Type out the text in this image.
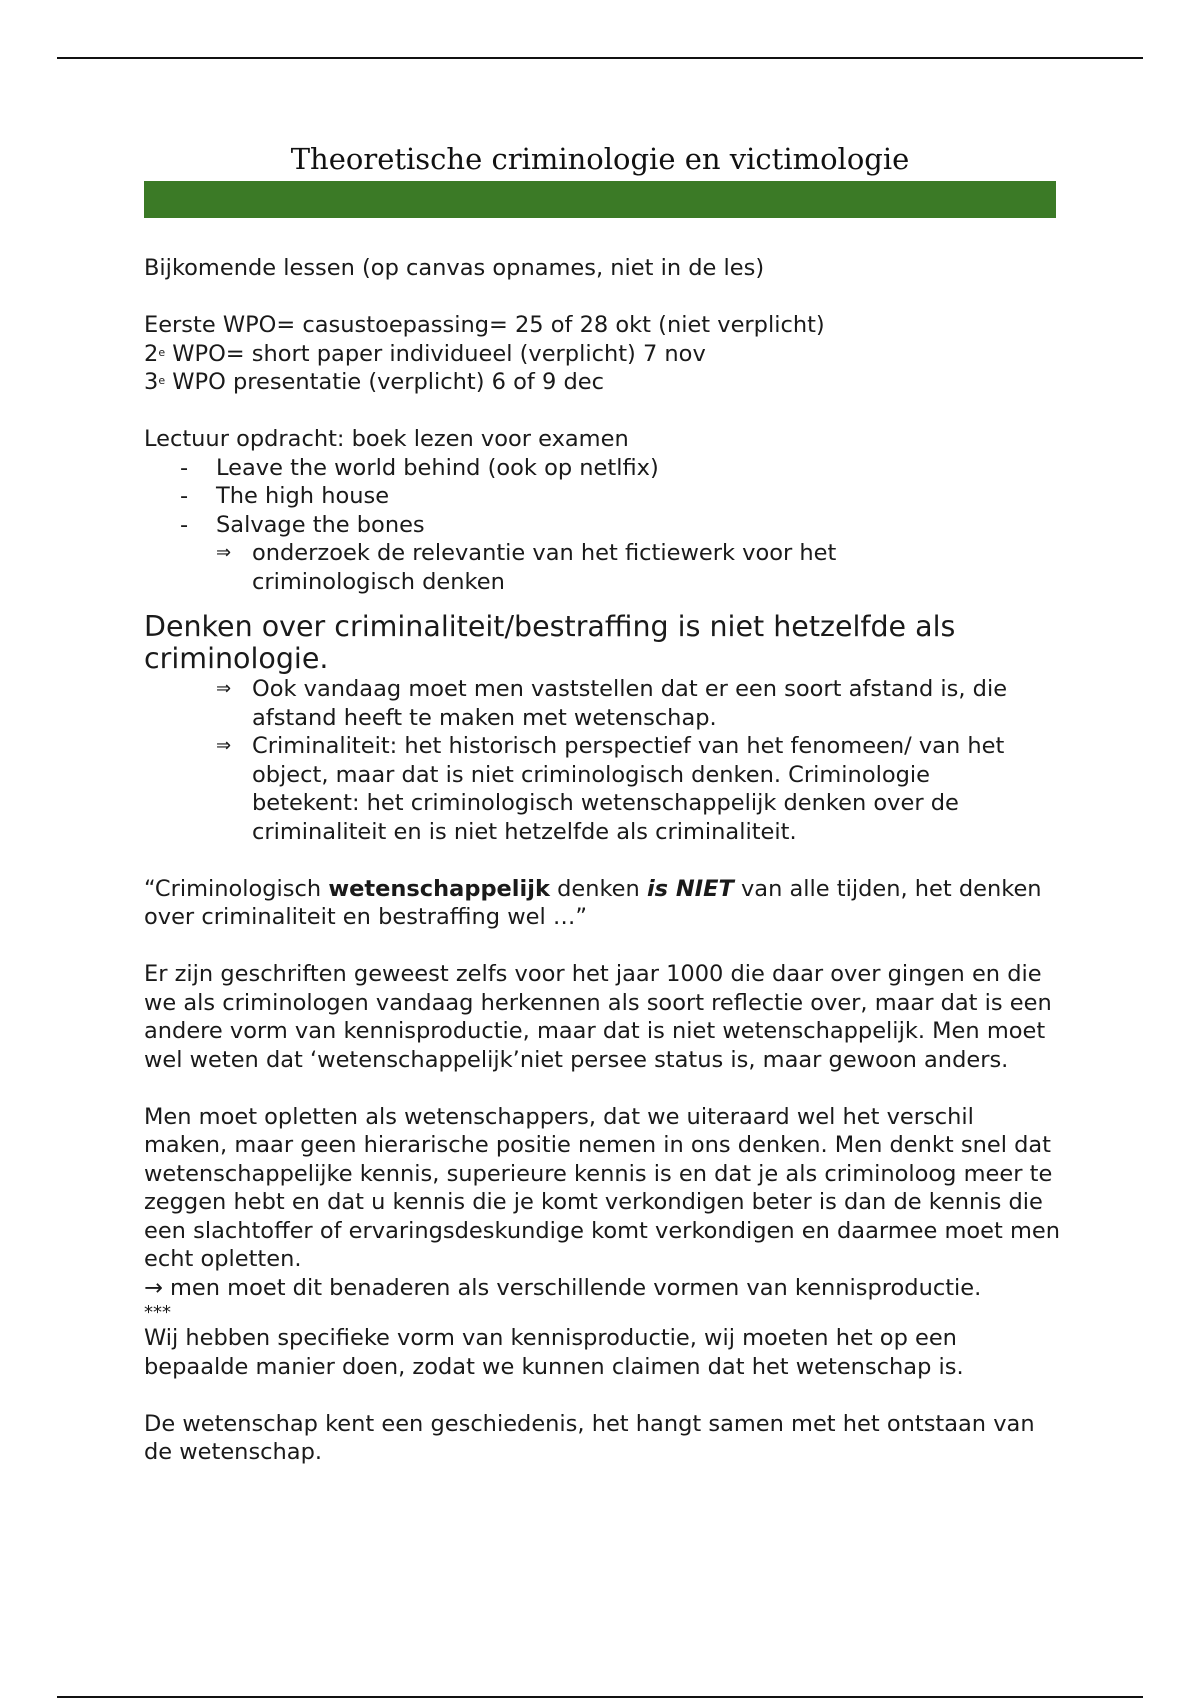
Theoretische criminologie en victimologie

Bijkomende lessen (op canvas opnames, niet in de les)

Eerste WPO= casustoepassing= 25 of 28 okt (niet verplicht)

2e WPO= short paper individueel (verplicht) 7 nov

3e WPO presentatie (verplicht) 6 of 9 dec

Lectuur opdracht: boek lezen voor examen

-	Leave the world behind (ook op netlfix)
-	The high house
-	Salvage the bones
⇒ onderzoek de relevantie van het fictiewerk voor het criminologisch denken

Denken over criminaliteit/bestraffing is niet hetzelfde als criminologie.

⇒ Ook vandaag moet men vaststellen dat er een soort afstand is, die afstand heeft te maken met wetenschap.
⇒ Criminaliteit: het historisch perspectief van het fenomeen/ van het object, maar dat is niet criminologisch denken. Criminologie betekent: het criminologisch wetenschappelijk denken over de criminaliteit en is niet hetzelfde als criminaliteit.

“Criminologisch wetenschappelijk denken is NIET van alle tijden, het denken over criminaliteit en bestraffing wel …”

Er zijn geschriften geweest zelfs voor het jaar 1000 die daar over gingen en die we als criminologen vandaag herkennen als soort reflectie over, maar dat is een andere vorm van kennisproductie, maar dat is niet wetenschappelijk. Men moet wel weten dat ‘wetenschappelijk’niet persee status is, maar gewoon anders.

Men moet opletten als wetenschappers, dat we uiteraard wel het verschil maken, maar geen hierarische positie nemen in ons denken. Men denkt snel dat wetenschappelijke kennis, superieure kennis is en dat je als criminoloog meer te zeggen hebt en dat u kennis die je komt verkondigen beter is dan de kennis die een slachtoffer of ervaringsdeskundige komt verkondigen en daarmee moet men echt opletten.

→ men moet dit benaderen als verschillende vormen van kennisproductie.

***

Wij hebben specifieke vorm van kennisproductie, wij moeten het op een bepaalde manier doen, zodat we kunnen claimen dat het wetenschap is.

De wetenschap kent een geschiedenis, het hangt samen met het ontstaan van de wetenschap.
